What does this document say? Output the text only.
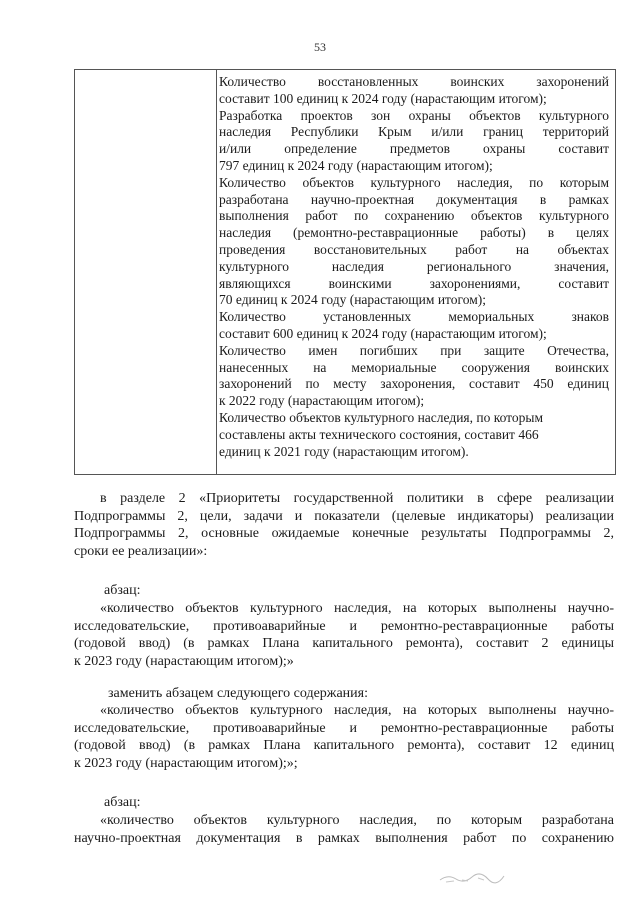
53
Количество восстановленных воинских захоронений
составит 100 единиц к 2024 году (нарастающим итогом);
Разработка проектов зон охраны объектов культурного
наследия Республики Крым и/или границ территорий
и/или определение предметов охраны составит
797 единиц к 2024 году (нарастающим итогом);
Количество объектов культурного наследия, по которым
разработана научно-проектная документация в рамках
выполнения работ по сохранению объектов культурного
наследия (ремонтно-реставрационные работы) в целях
проведения восстановительных работ на объектах
культурного наследия регионального значения,
являющихся воинскими захоронениями, составит
70 единиц к 2024 году (нарастающим итогом);
Количество установленных мемориальных знаков
составит 600 единиц к 2024 году (нарастающим итогом);
Количество имен погибших при защите Отечества,
нанесенных на мемориальные сооружения воинских
захоронений по месту захоронения, составит 450 единиц
к 2022 году (нарастающим итогом);
Количество объектов культурного наследия, по которым
составлены акты технического состояния, составит 466
единиц к 2021 году (нарастающим итогом).
в разделе 2 «Приоритеты государственной политики в сфере реализации
Подпрограммы 2, цели, задачи и показатели (целевые индикаторы) реализации
Подпрограммы 2, основные ожидаемые конечные результаты Подпрограммы 2,
сроки ее реализации»:
абзац:
«количество объектов культурного наследия, на которых выполнены научно-
исследовательские, противоаварийные и ремонтно-реставрационные работы
(годовой ввод) (в рамках Плана капитального ремонта), составит 2 единицы
к 2023 году (нарастающим итогом);»
заменить абзацем следующего содержания:
«количество объектов культурного наследия, на которых выполнены научно-
исследовательские, противоаварийные и ремонтно-реставрационные работы
(годовой ввод) (в рамках Плана капитального ремонта), составит 12 единиц
к 2023 году (нарастающим итогом);»;
абзац:
«количество объектов культурного наследия, по которым разработана
научно-проектная документация в рамках выполнения работ по сохранению
